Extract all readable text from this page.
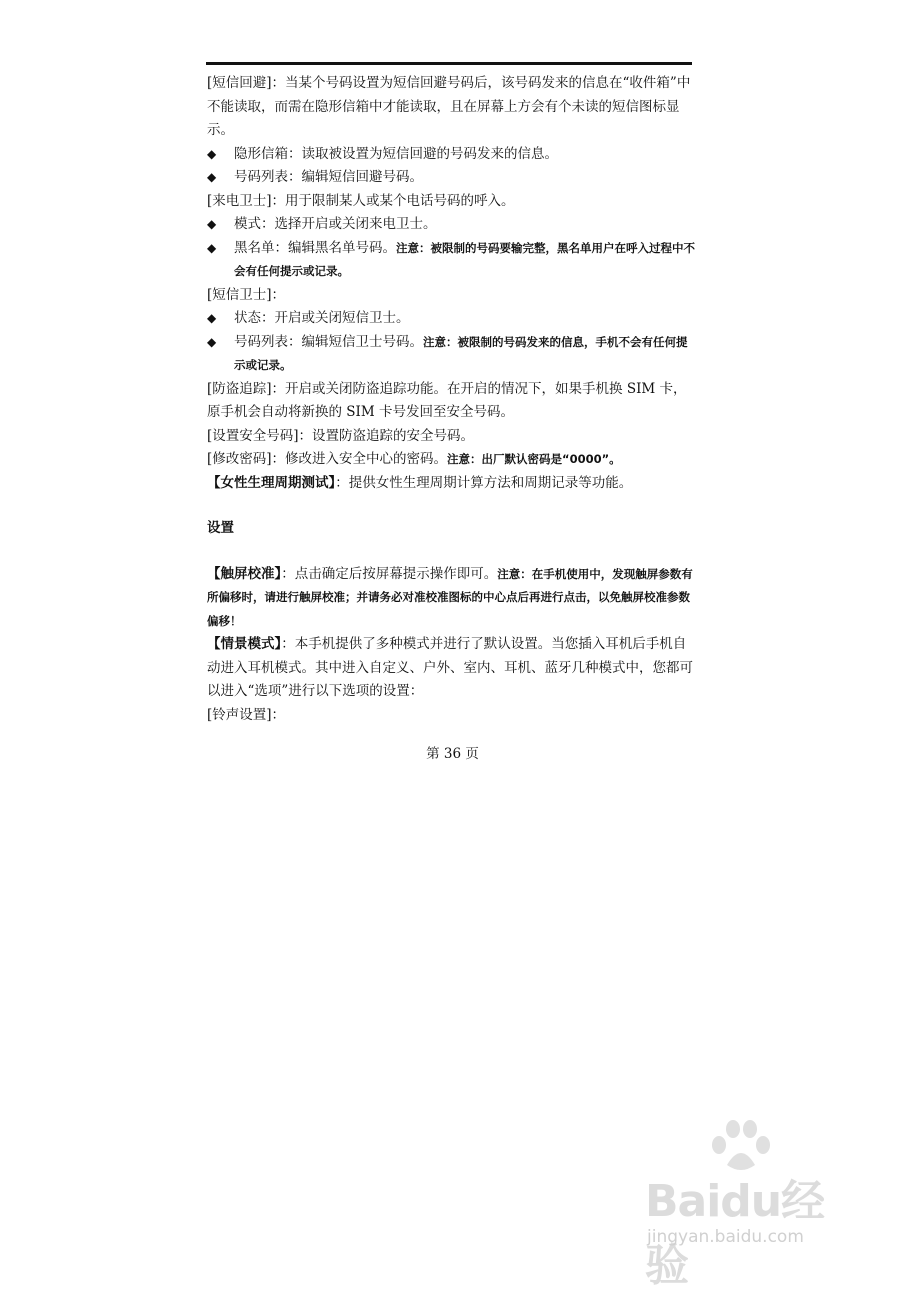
[短信回避]：当某个号码设置为短信回避号码后，该号码发来的信息在“收件箱”中不能读取，而需在隐形信箱中才能读取，且在屏幕上方会有个未读的短信图标显示。

◆ 隐形信箱：读取被设置为短信回避的号码发来的信息。

◆ 号码列表：编辑短信回避号码。

[来电卫士]：用于限制某人或某个电话号码的呼入。

◆ 模式：选择开启或关闭来电卫士。

◆ 黑名单：编辑黑名单号码。注意：被限制的号码要输完整，黑名单用户在呼入过程中不会有任何提示或记录。

[短信卫士]：

◆ 状态：开启或关闭短信卫士。

◆ 号码列表：编辑短信卫士号码。注意：被限制的号码发来的信息，手机不会有任何提示或记录。

[防盗追踪]：开启或关闭防盗追踪功能。在开启的情况下，如果手机换 SIM 卡，原手机会自动将新换的 SIM 卡号发回至安全号码。

[设置安全号码]：设置防盗追踪的安全号码。

[修改密码]：修改进入安全中心的密码。注意：出厂默认密码是“0000”。

【女性生理周期测试】：提供女性生理周期计算方法和周期记录等功能。

设置

【触屏校准】：点击确定后按屏幕提示操作即可。注意：在手机使用中，发现触屏参数有所偏移时，请进行触屏校准；并请务必对准校准图标的中心点后再进行点击，以免触屏校准参数偏移！

【情景模式】：本手机提供了多种模式并进行了默认设置。当您插入耳机后手机自动进入耳机模式。其中进入自定义、户外、室内、耳机、蓝牙几种模式中，您都可以进入“选项”进行以下选项的设置：

[铃声设置]：

第 36 页
Baidu经验
jingyan.baidu.com
